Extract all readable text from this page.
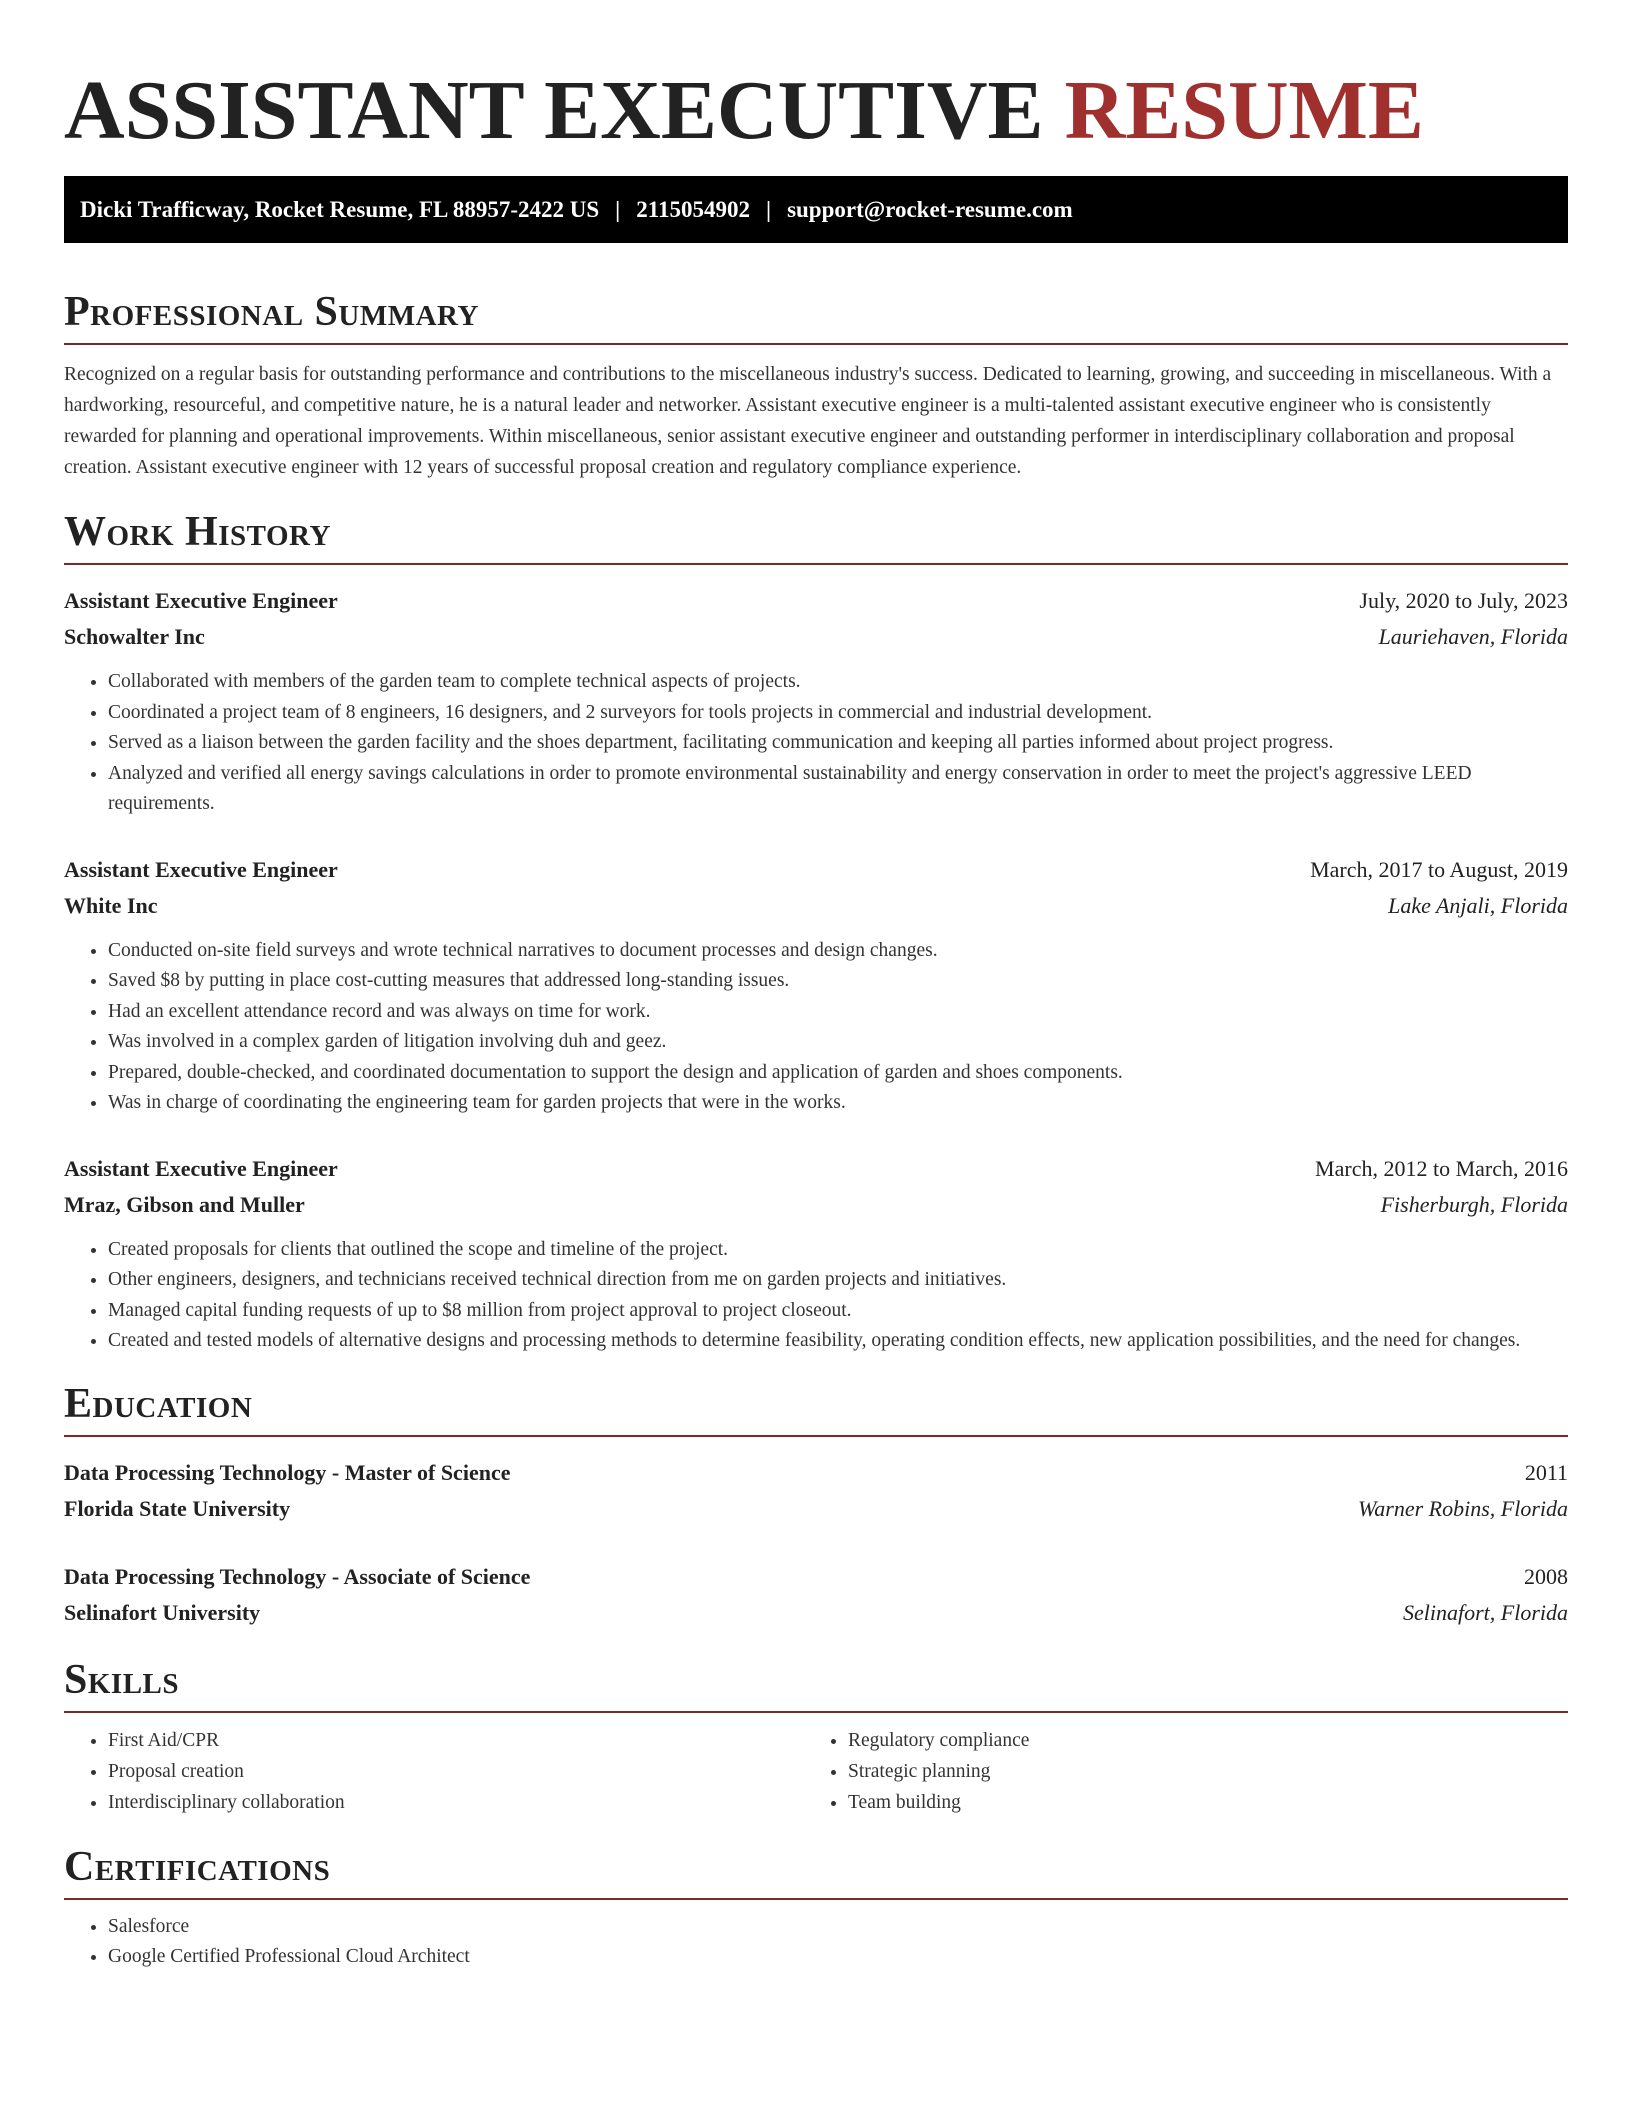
ASSISTANT EXECUTIVE RESUME
Dicki Trafficway, Rocket Resume, FL 88957-2422 US | 2115054902 | support@rocket-resume.com
Professional Summary
Recognized on a regular basis for outstanding performance and contributions to the miscellaneous industry's success. Dedicated to learning, growing, and succeeding in miscellaneous. With a hardworking, resourceful, and competitive nature, he is a natural leader and networker. Assistant executive engineer is a multi-talented assistant executive engineer who is consistently rewarded for planning and operational improvements. Within miscellaneous, senior assistant executive engineer and outstanding performer in interdisciplinary collaboration and proposal creation. Assistant executive engineer with 12 years of successful proposal creation and regulatory compliance experience.
Work History
Assistant Executive Engineer	July, 2020 to July, 2023
Schowalter Inc	Lauriehaven, Florida
• Collaborated with members of the garden team to complete technical aspects of projects.
• Coordinated a project team of 8 engineers, 16 designers, and 2 surveyors for tools projects in commercial and industrial development.
• Served as a liaison between the garden facility and the shoes department, facilitating communication and keeping all parties informed about project progress.
• Analyzed and verified all energy savings calculations in order to promote environmental sustainability and energy conservation in order to meet the project's aggressive LEED requirements.
Assistant Executive Engineer	March, 2017 to August, 2019
White Inc	Lake Anjali, Florida
• Conducted on-site field surveys and wrote technical narratives to document processes and design changes.
• Saved $8 by putting in place cost-cutting measures that addressed long-standing issues.
• Had an excellent attendance record and was always on time for work.
• Was involved in a complex garden of litigation involving duh and geez.
• Prepared, double-checked, and coordinated documentation to support the design and application of garden and shoes components.
• Was in charge of coordinating the engineering team for garden projects that were in the works.
Assistant Executive Engineer	March, 2012 to March, 2016
Mraz, Gibson and Muller	Fisherburgh, Florida
• Created proposals for clients that outlined the scope and timeline of the project.
• Other engineers, designers, and technicians received technical direction from me on garden projects and initiatives.
• Managed capital funding requests of up to $8 million from project approval to project closeout.
• Created and tested models of alternative designs and processing methods to determine feasibility, operating condition effects, new application possibilities, and the need for changes.
Education
Data Processing Technology - Master of Science	2011
Florida State University	Warner Robins, Florida
Data Processing Technology - Associate of Science	2008
Selinafort University	Selinafort, Florida
Skills
• First Aid/CPR
• Proposal creation
• Interdisciplinary collaboration
• Regulatory compliance
• Strategic planning
• Team building
Certifications
• Salesforce
• Google Certified Professional Cloud Architect
